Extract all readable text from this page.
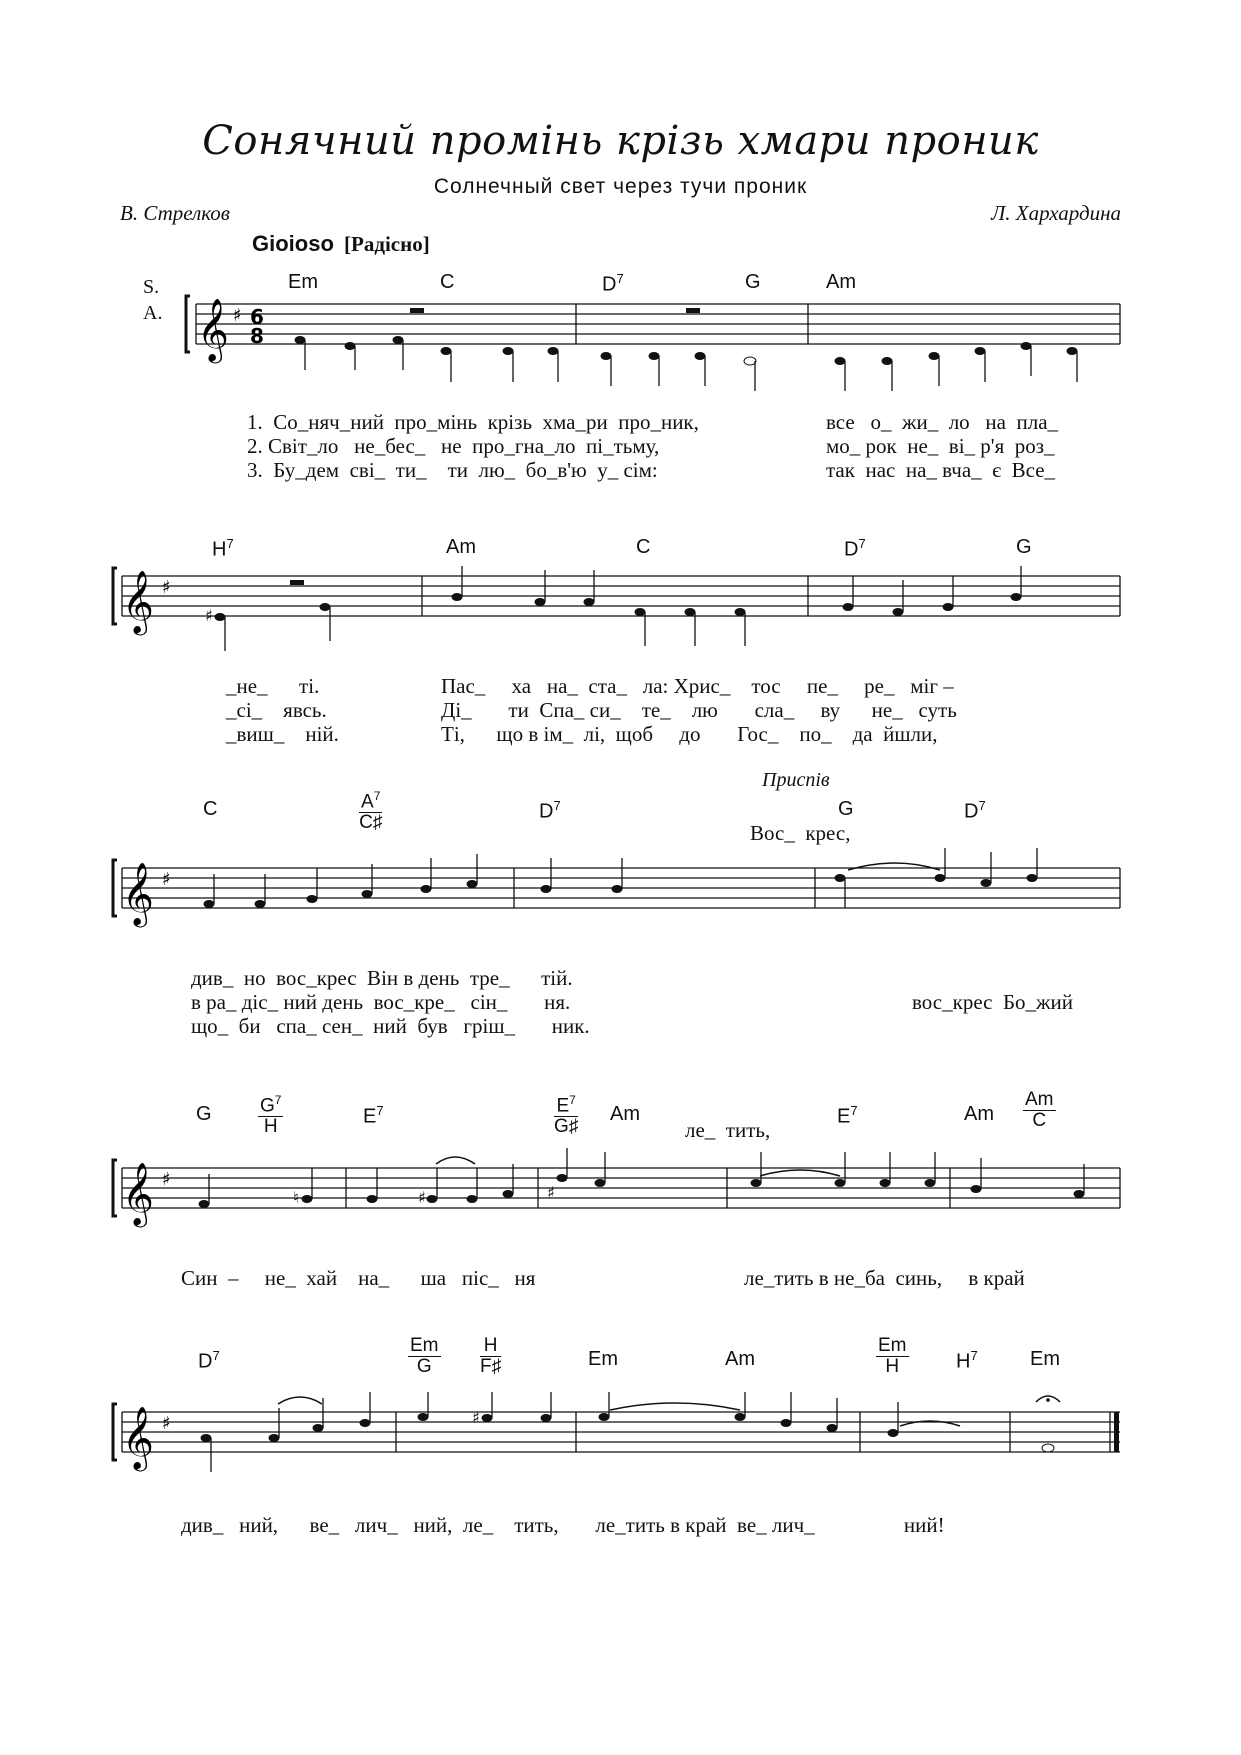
Сонячний промінь крізь хмари проник
Солнечный свет через тучи проник
В. Стрелков	Л. Хархардина
Gioioso [Радісно]
S.
A.
Em	C	$D^7$	G	Am
𝄞 ♯ 6
8
1.  Со_няч_ний  про_мінь  крізь  хма_ри  про_ник,
2. Світ_ло   не_бес_   не  про_гна_ло  пі_тьму,
3.  Бу_дем  сві_  ти_    ти  лю_  бо_в'ю  у_ сім:
все   о_  жи_  ло   на  пла_
мо_ рок  не_  ві_ р'я  роз_
так  нас  на_ вча_  є  Все_
$H^7$	Am	C	$D^7$	G
𝄞 ♯
♯
_не_      ті.
_сі_    явсь.
_виш_    ній.
Пас_     ха   на_  ста_   ла: Хрис_    тос     пе_     ре_   міг –
Ді_       ти  Спа_ си_    те_    лю       сла_     ву      не_   суть
Ті,      що в ім_  лі,  щоб     до       Гос_    по_    да  йшли,
Приспів
C	$\frac{A^7}{C♯}$	$D^7$	G	$D^7$
Вос_  крес,
𝄞 ♯
див_  но  вос_крес  Він в день  тре_      тій.
в ра_ діс_ ний день  вос_кре_   сін_       ня.
що_  би   спа_ сен_  ний  був   гріш_       ник.
вос_крес  Бо_жий
G $\frac{G^7}{H}$	$E^7$	$\frac{E^7}{G♯}$ Am	$E^7$	Am $\frac{Am}{C}$
ле_  тить,
𝄞 ♯
♮	♯	♯
Син  –     не_  хай    на_      ша   піс_   ня	ле_тить в не_ба  синь,     в край
$D^7$	$\frac{Em}{G} \frac{H}{F♯}$	Em	Am	$\frac{Em}{H} H^7$	Em
𝄞 ♯	♯
див_   ний,      ве_   лич_   ний,  ле_    тить,       ле_тить в край  ве_ лич_                 ний!
